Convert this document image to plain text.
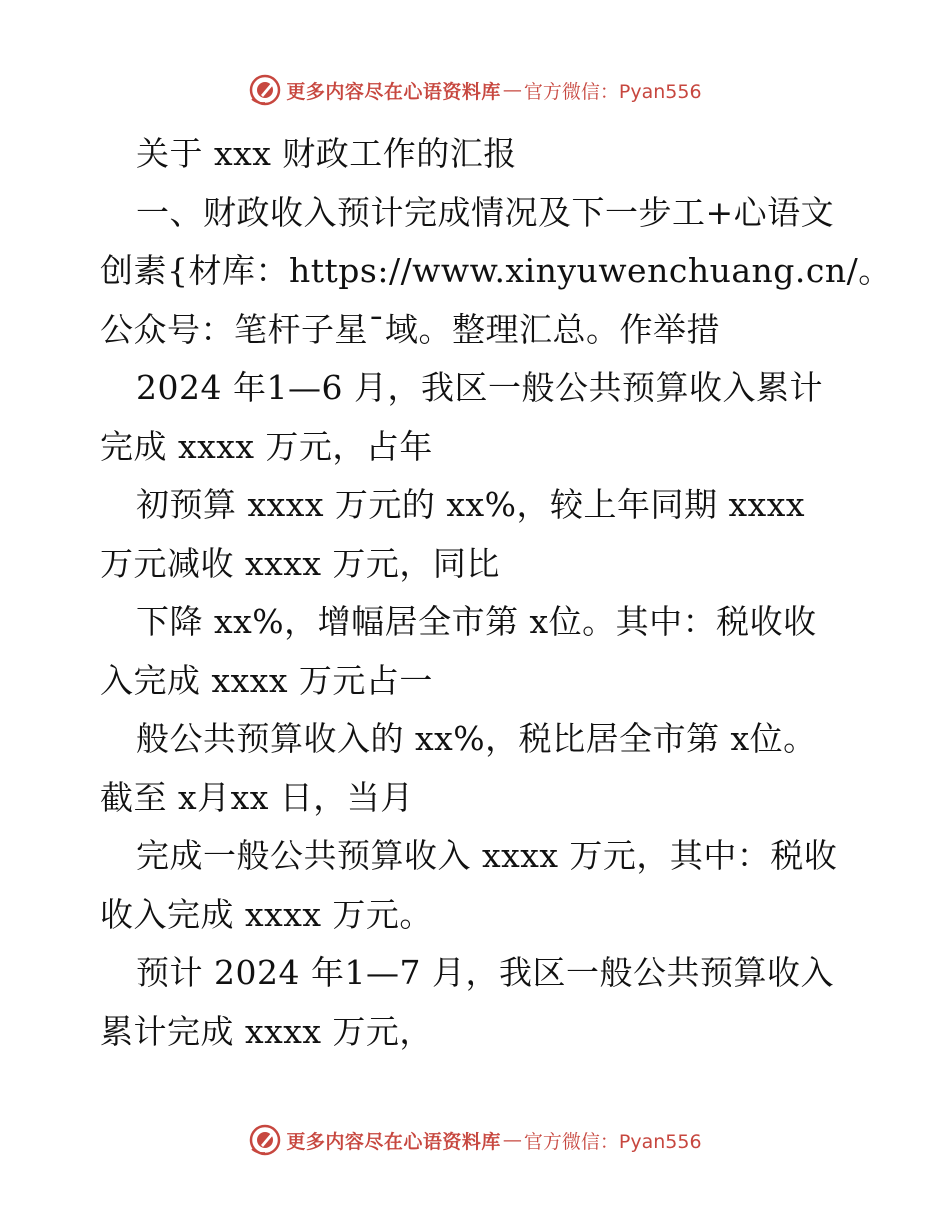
更多内容尽在心语资料库 — 官方微信：Pyan556

关于 xxx 财政工作的汇报

一、财政收入预计完成情况及下一步工+心语文

创素{材库：https://www.xinyuwenchuang.cn/。

公众号：笔杆子星¯域。整理汇总。作举措

2024 年1—6 月，我区一般公共预算收入累计

完成 xxxx 万元，占年

初预算 xxxx 万元的 xx%，较上年同期 xxxx

万元减收 xxxx 万元，同比

下降 xx%，增幅居全市第 x位。其中：税收收

入完成 xxxx 万元占一

般公共预算收入的 xx%，税比居全市第 x位。

截至 x月xx 日，当月

完成一般公共预算收入 xxxx 万元，其中：税收

收入完成 xxxx 万元。

预计 2024 年1—7 月，我区一般公共预算收入

累计完成 xxxx 万元，

更多内容尽在心语资料库 — 官方微信：Pyan556
